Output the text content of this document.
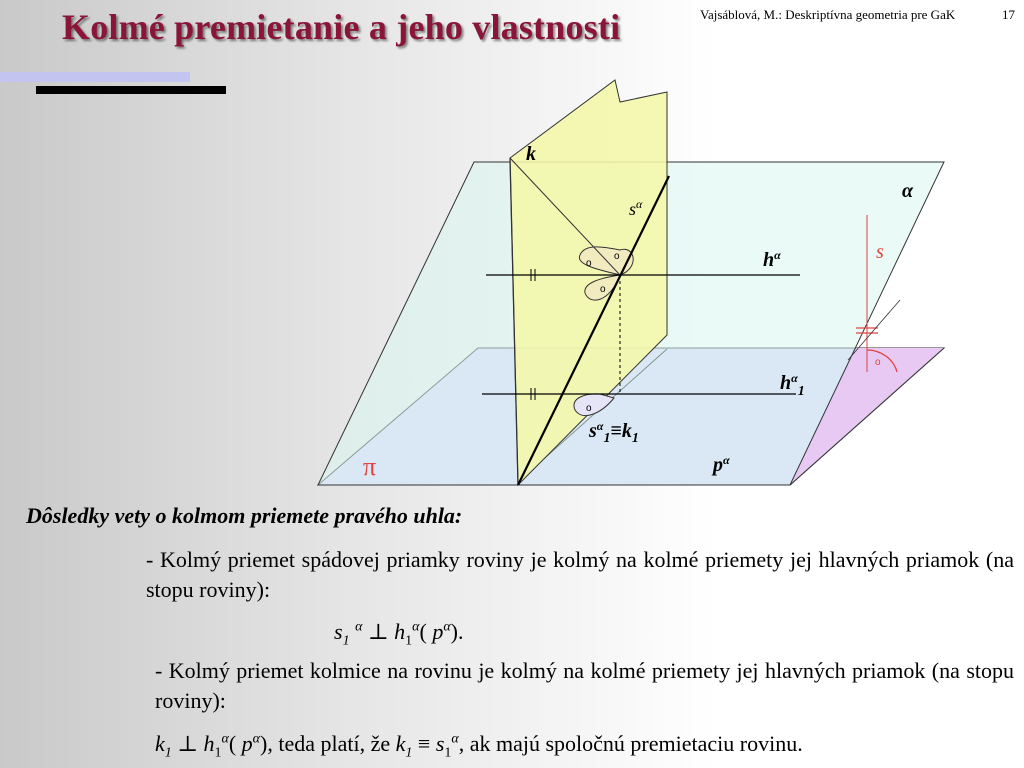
Kolmé premietanie a jeho vlastnosti	Vajsáblová, M.: Deskriptívna geometria pre GaK	17
k
α
$s^\alpha$
$h^\alpha$	s
$h^\alpha_1$
$s^\alpha_1\equiv k_1$
π	$p^\alpha$
o
o
o
o
o
Dôsledky vety o kolmom priemete pravého uhla:

- Kolmý priemet spádovej priamky roviny je kolmý na kolmé priemety jej hlavných priamok (na stopu roviny):

$s_1$ $^\alpha$ ⊥ $h_1^\alpha$( $p^\alpha$).

- Kolmý priemet kolmice na rovinu je kolmý na kolmé priemety jej hlavných priamok (na stopu roviny):

$k_1$ ⊥ $h_1^\alpha$( $p^\alpha$), teda platí, že $k_1 \equiv s_1^\alpha$, ak majú spoločnú premietaciu rovinu.
